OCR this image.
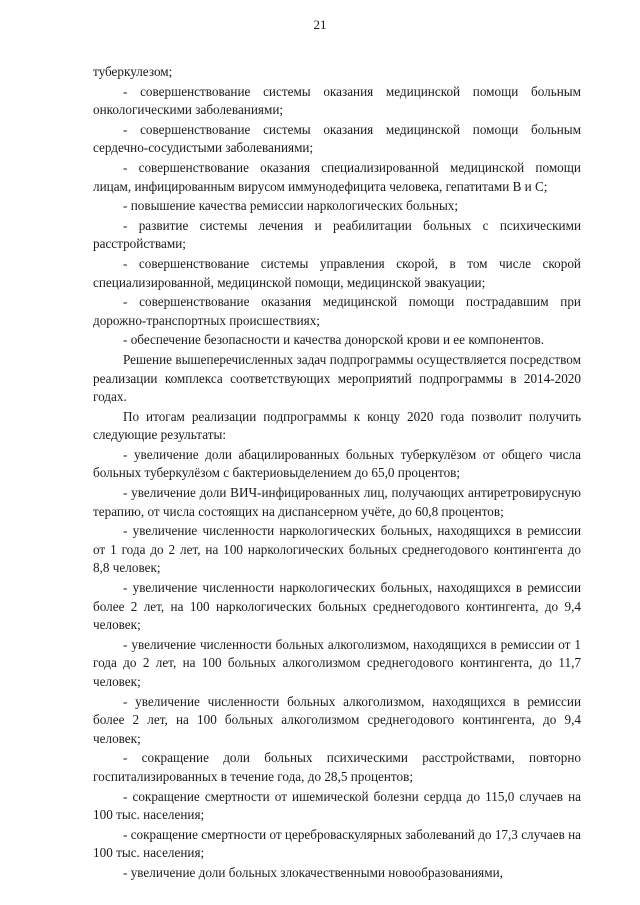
21

туберкулезом;

- совершенствование системы оказания медицинской помощи больным онкологическими заболеваниями;

- совершенствование системы оказания медицинской помощи больным сердечно-сосудистыми заболеваниями;

- совершенствование оказания специализированной медицинской помощи лицам, инфицированным вирусом иммунодефицита человека, гепатитами В и С;

- повышение качества ремиссии наркологических больных;

- развитие системы лечения и реабилитации больных с психическими расстройствами;

- совершенствование системы управления скорой, в том числе скорой специализированной, медицинской помощи, медицинской эвакуации;

- совершенствование оказания медицинской помощи пострадавшим при дорожно-транспортных происшествиях;

- обеспечение безопасности и качества донорской крови и ее компонентов.

Решение вышеперечисленных задач подпрограммы осуществляется посредством реализации комплекса соответствующих мероприятий подпрограммы в 2014-2020 годах.

По итогам реализации подпрограммы к концу 2020 года позволит получить следующие результаты:

- увеличение доли абацилированных больных туберкулёзом от общего числа больных туберкулёзом с бактериовыделением до 65,0 процентов;

- увеличение доли ВИЧ-инфицированных лиц, получающих антиретровирусную терапию, от числа состоящих на диспансерном учёте, до 60,8 процентов;

- увеличение численности наркологических больных, находящихся в ремиссии от 1 года до 2 лет, на 100 наркологических больных среднегодового контингента до 8,8 человек;

- увеличение численности наркологических больных, находящихся в ремиссии более 2 лет, на 100 наркологических больных среднегодового контингента, до 9,4 человек;

- увеличение численности больных алкоголизмом, находящихся в ремиссии от 1 года до 2 лет, на 100 больных алкоголизмом среднегодового контингента, до 11,7 человек;

- увеличение численности больных алкоголизмом, находящихся в ремиссии более 2 лет, на 100 больных алкоголизмом среднегодового контингента, до 9,4 человек;

- сокращение доли больных психическими расстройствами, повторно госпитализированных в течение года, до 28,5 процентов;

- сокращение смертности от ишемической болезни сердца до 115,0 случаев на 100 тыс. населения;

- сокращение смертности от цереброваскулярных заболеваний до 17,3 случаев на 100 тыс. населения;

- увеличение доли больных злокачественными новообразованиями,
